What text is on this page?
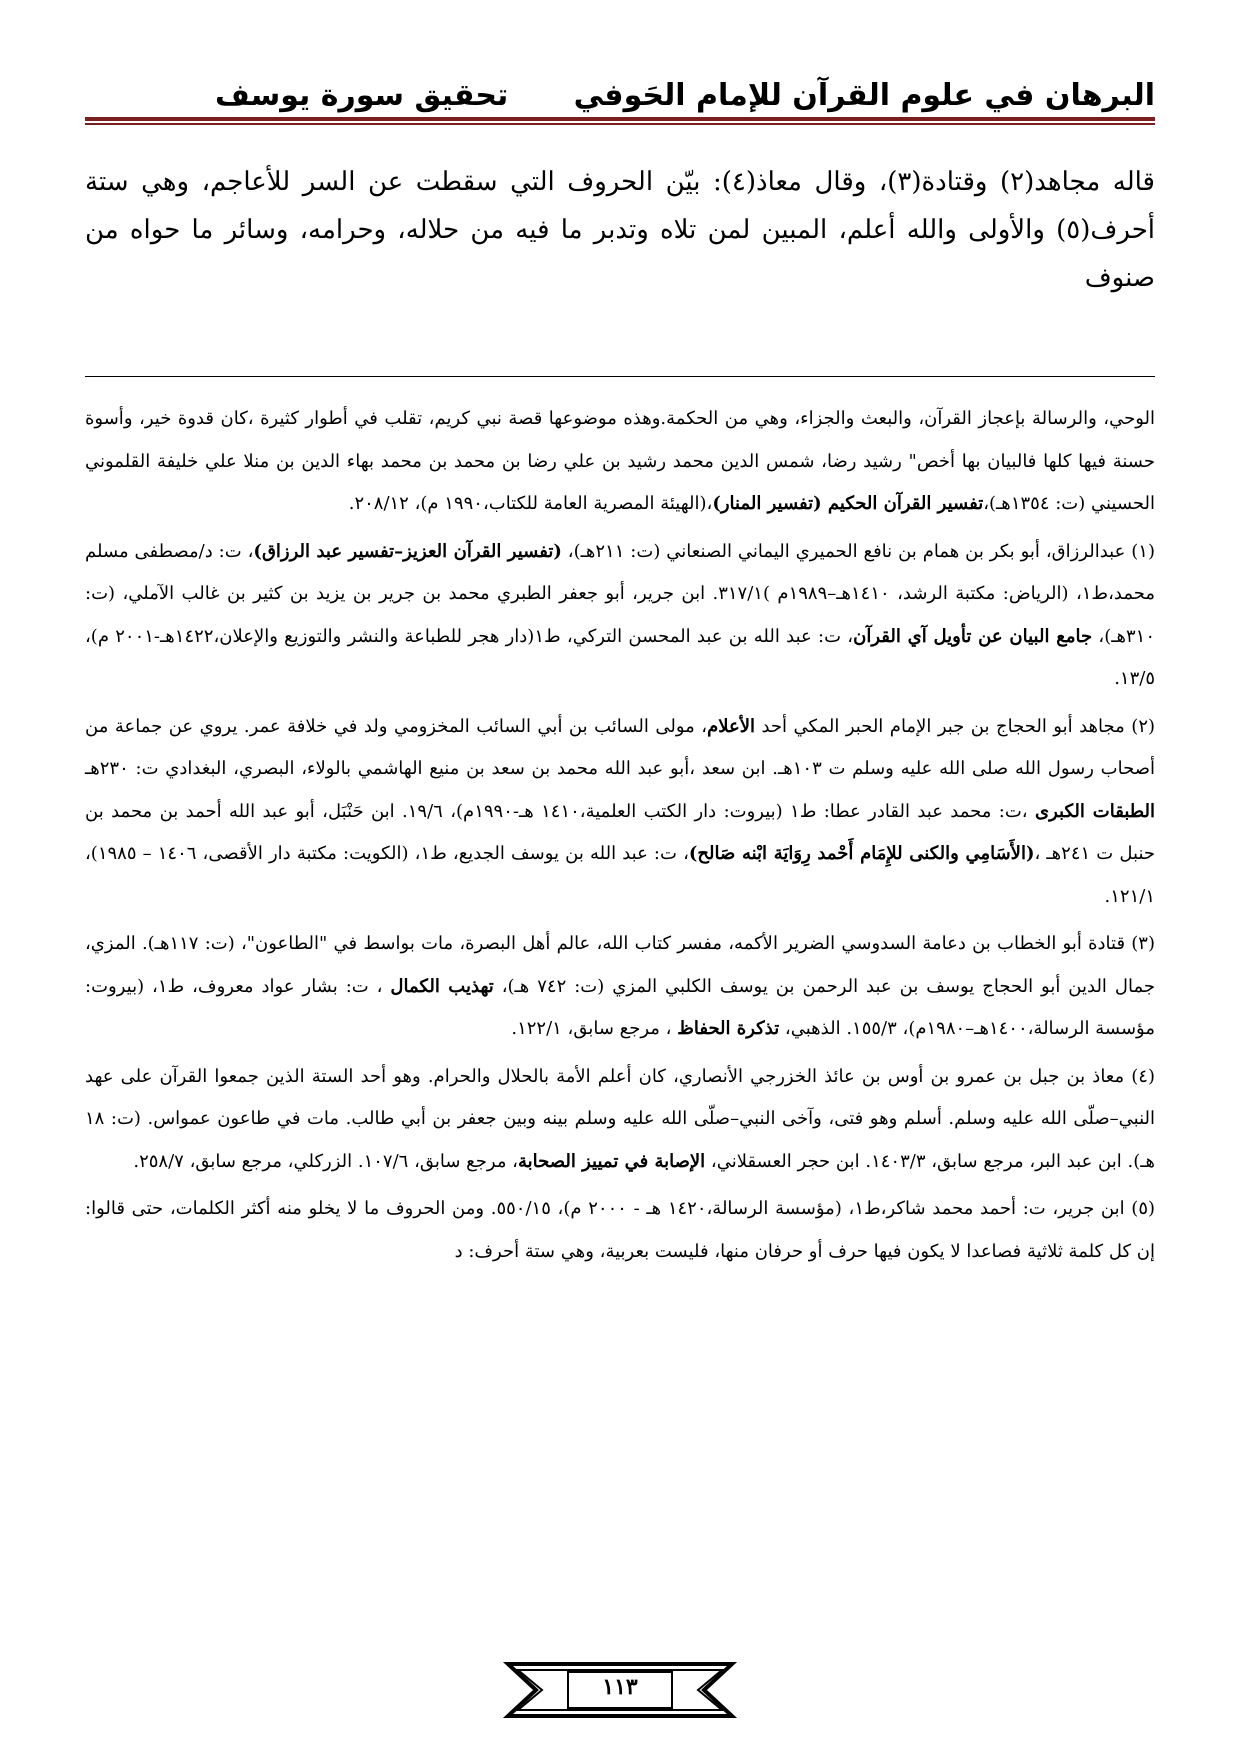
البرهان في علوم القرآن للإمام الحَوفي
تحقيق سورة يوسف
قاله مجاهد(٢) وقتادة(٣)، وقال معاذ(٤): بيّن الحروف التي سقطت عن السر للأعاجم، وهي ستة أحرف(٥) والأولى والله أعلم، المبين لمن تلاه وتدبر ما فيه من حلاله، وحرامه، وسائر ما حواه من صنوف

الوحي، والرسالة بإعجاز القرآن، والبعث والجزاء، وهي من الحكمة.وهذه موضوعها قصة نبي كريم، تقلب في أطوار كثيرة ،كان قدوة خير، وأسوة حسنة فيها كلها فالبيان بها أخص" رشيد رضا، شمس الدين محمد رشيد بن علي رضا بن محمد بن محمد بهاء الدين بن منلا علي خليفة القلموني الحسيني (ت: ١٣٥٤هـ)،تفسير القرآن الحكيم (تفسير المنار)،(الهيئة المصرية العامة للكتاب،١٩٩٠ م)، ٢٠٨/١٢.

(١) عبدالرزاق، أبو بكر بن همام بن نافع الحميري اليماني الصنعاني (ت: ٢١١هـ)، (تفسير القرآن العزيز–تفسير عبد الرزاق)، ت: د/مصطفى مسلم محمد،ط١، (الرياض: مكتبة الرشد، ١٤١٠هـ–١٩٨٩م )٣١٧/١. ابن جرير، أبو جعفر الطبري محمد بن جرير بن يزيد بن كثير بن غالب الآملي، (ت: ٣١٠هـ)، جامع البيان عن تأويل آي القرآن، ت: عبد الله بن عبد المحسن التركي، ط١(دار هجر للطباعة والنشر والتوزيع والإعلان،١٤٢٢هـ-٢٠٠١ م)، ١٣/٥.

(٢) مجاهد أبو الحجاج بن جبر الإمام الحبر المكي أحد الأعلام، مولى السائب بن أبي السائب المخزومي ولد في خلافة عمر. يروي عن جماعة من أصحاب رسول الله صلى الله عليه وسلم ت ١٠٣هـ. ابن سعد ،أبو عبد الله محمد بن سعد بن منيع الهاشمي بالولاء، البصري، البغدادي ت: ٢٣٠هـ الطبقات الكبرى ،ت: محمد عبد القادر عطا: ط١ (بيروت: دار الكتب العلمية،١٤١٠ هـ-١٩٩٠م)، ١٩/٦. ابن حَنْبَل، أبو عبد الله أحمد بن محمد بن حنبل ت ٢٤١هـ ،(الأَسَامِي والكنى للإِمَام أَحْمد رِوَايَة ابْنه صَالح)، ت: عبد الله بن يوسف الجديع، ط١، (الكويت: مكتبة دار الأقصى، ١٤٠٦ – ١٩٨٥)، ١٢١/١.

(٣) قتادة أبو الخطاب بن دعامة السدوسي الضرير الأكمه، مفسر كتاب الله، عالم أهل البصرة، مات بواسط في "الطاعون"، (ت: ١١٧هـ). المزي، جمال الدين أبو الحجاج يوسف بن عبد الرحمن بن يوسف الكلبي المزي (ت: ٧٤٢ هـ)، تهذيب الكمال ، ت: بشار عواد معروف، ط١، (بيروت: مؤسسة الرسالة،١٤٠٠هـ–١٩٨٠م)، ١٥٥/٣. الذهبي، تذكرة الحفاظ ، مرجع سابق، ١٢٢/١.

(٤) معاذ بن جبل بن عمرو بن أوس بن عائذ الخزرجي الأنصاري، كان أعلم الأمة بالحلال والحرام. وهو أحد الستة الذين جمعوا القرآن على عهد النبي–صلّى الله عليه وسلم. أسلم وهو فتى، وآخى النبي–صلّى الله عليه وسلم بينه وبين جعفر بن أبي طالب. مات في طاعون عمواس. (ت: ١٨ هـ). ابن عبد البر، مرجع سابق، ١٤٠٣/٣. ابن حجر العسقلاني، الإصابة في تمييز الصحابة، مرجع سابق، ١٠٧/٦. الزركلي، مرجع سابق، ٢٥٨/٧.

(٥) ابن جرير، ت: أحمد محمد شاكر،ط١، (مؤسسة الرسالة،١٤٢٠ هـ - ٢٠٠٠ م)، ٥٥٠/١٥. ومن الحروف ما لا يخلو منه أكثر الكلمات، حتى قالوا: إن كل كلمة ثلاثية فصاعدا لا يكون فيها حرف أو حرفان منها، فليست بعربية، وهي ستة أحرف: د

١١٣
